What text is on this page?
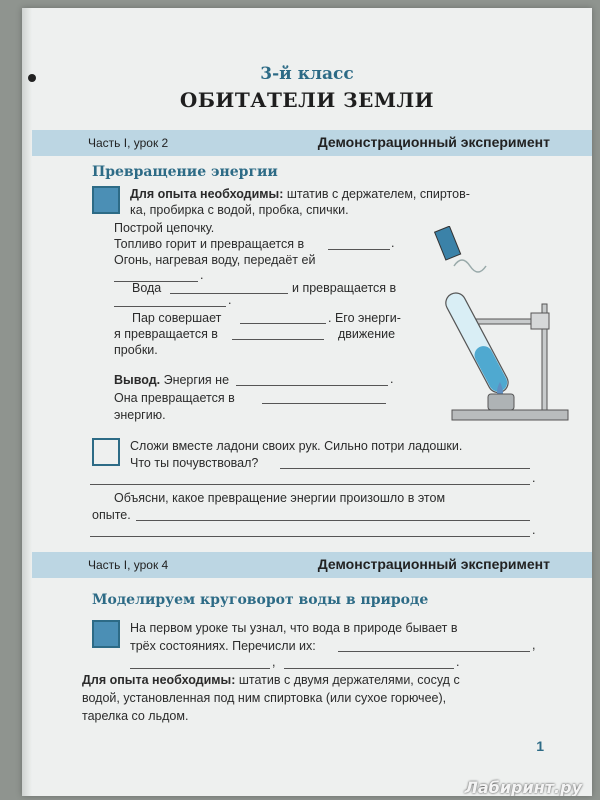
3-й класс
ОБИТАТЕЛИ ЗЕМЛИ
Часть I, урок 2	Демонстрационный эксперимент
Превращение энергии
Для опыта необходимы: штатив с держателем, спиртов-
ка, пробирка с водой, пробка, спички.
Построй цепочку.
Топливо горит и превращается в	.
Огонь, нагревая воду, передаёт ей
.
Вода	и превращается в
.
Пар совершает	. Его энерги-
я превращается в	движение
пробки.
Вывод. Энергия не	.
Она превращается в
энергию.
Сложи вместе ладони своих рук. Сильно потри ладошки.
Что ты почувствовал?
.
Объясни, какое превращение энергии произошло в этом
опыте.
.
Часть I, урок 4	Демонстрационный эксперимент
Моделируем круговорот воды в природе
На первом уроке ты узнал, что вода в природе бывает в
трёх состояниях. Перечисли их:	,
,	.
Для опыта необходимы: штатив с двумя держателями, сосуд с
водой, установленная под ним спиртовка (или сухое горючее),
тарелка со льдом.
1
Лабиринт.ру
